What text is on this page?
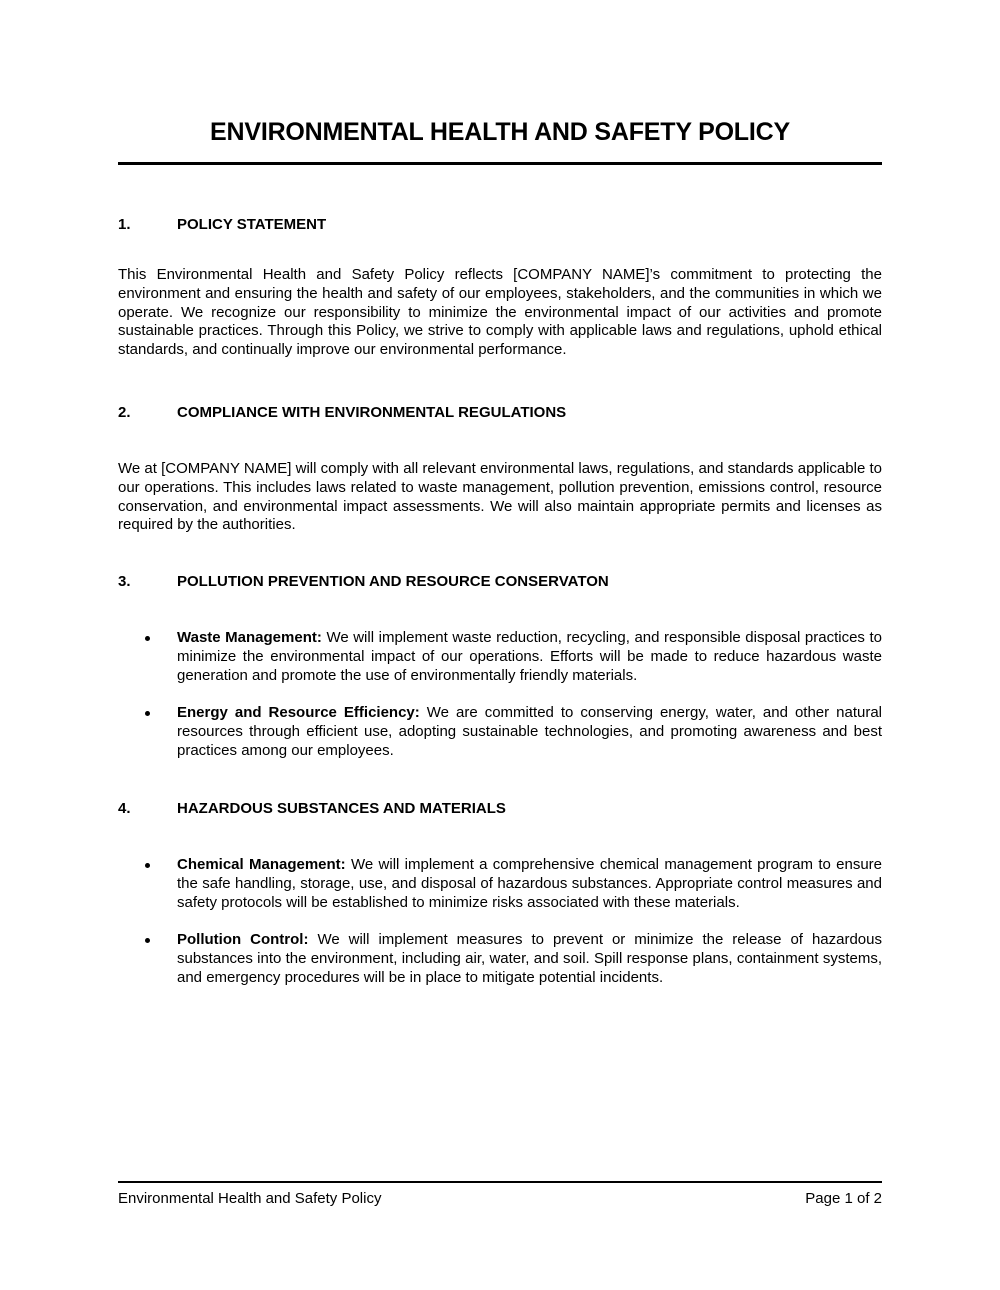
ENVIRONMENTAL HEALTH AND SAFETY POLICY
1.	POLICY STATEMENT
This Environmental Health and Safety Policy reflects [COMPANY NAME]’s commitment to protecting the environment and ensuring the health and safety of our employees, stakeholders, and the communities in which we operate. We recognize our responsibility to minimize the environmental impact of our activities and promote sustainable practices. Through this Policy, we strive to comply with applicable laws and regulations, uphold ethical standards, and continually improve our environmental performance.
2.	COMPLIANCE WITH ENVIRONMENTAL REGULATIONS
We at [COMPANY NAME] will comply with all relevant environmental laws, regulations, and standards applicable to our operations. This includes laws related to waste management, pollution prevention, emissions control, resource conservation, and environmental impact assessments. We will also maintain appropriate permits and licenses as required by the authorities.
3.	POLLUTION PREVENTION AND RESOURCE CONSERVATON
Waste Management: We will implement waste reduction, recycling, and responsible disposal practices to minimize the environmental impact of our operations. Efforts will be made to reduce hazardous waste generation and promote the use of environmentally friendly materials.
Energy and Resource Efficiency: We are committed to conserving energy, water, and other natural resources through efficient use, adopting sustainable technologies, and promoting awareness and best practices among our employees.
4.	HAZARDOUS SUBSTANCES AND MATERIALS
Chemical Management: We will implement a comprehensive chemical management program to ensure the safe handling, storage, use, and disposal of hazardous substances. Appropriate control measures and safety protocols will be established to minimize risks associated with these materials.
Pollution Control: We will implement measures to prevent or minimize the release of hazardous substances into the environment, including air, water, and soil. Spill response plans, containment systems, and emergency procedures will be in place to mitigate potential incidents.
Environmental Health and Safety Policy	Page 1 of 2
